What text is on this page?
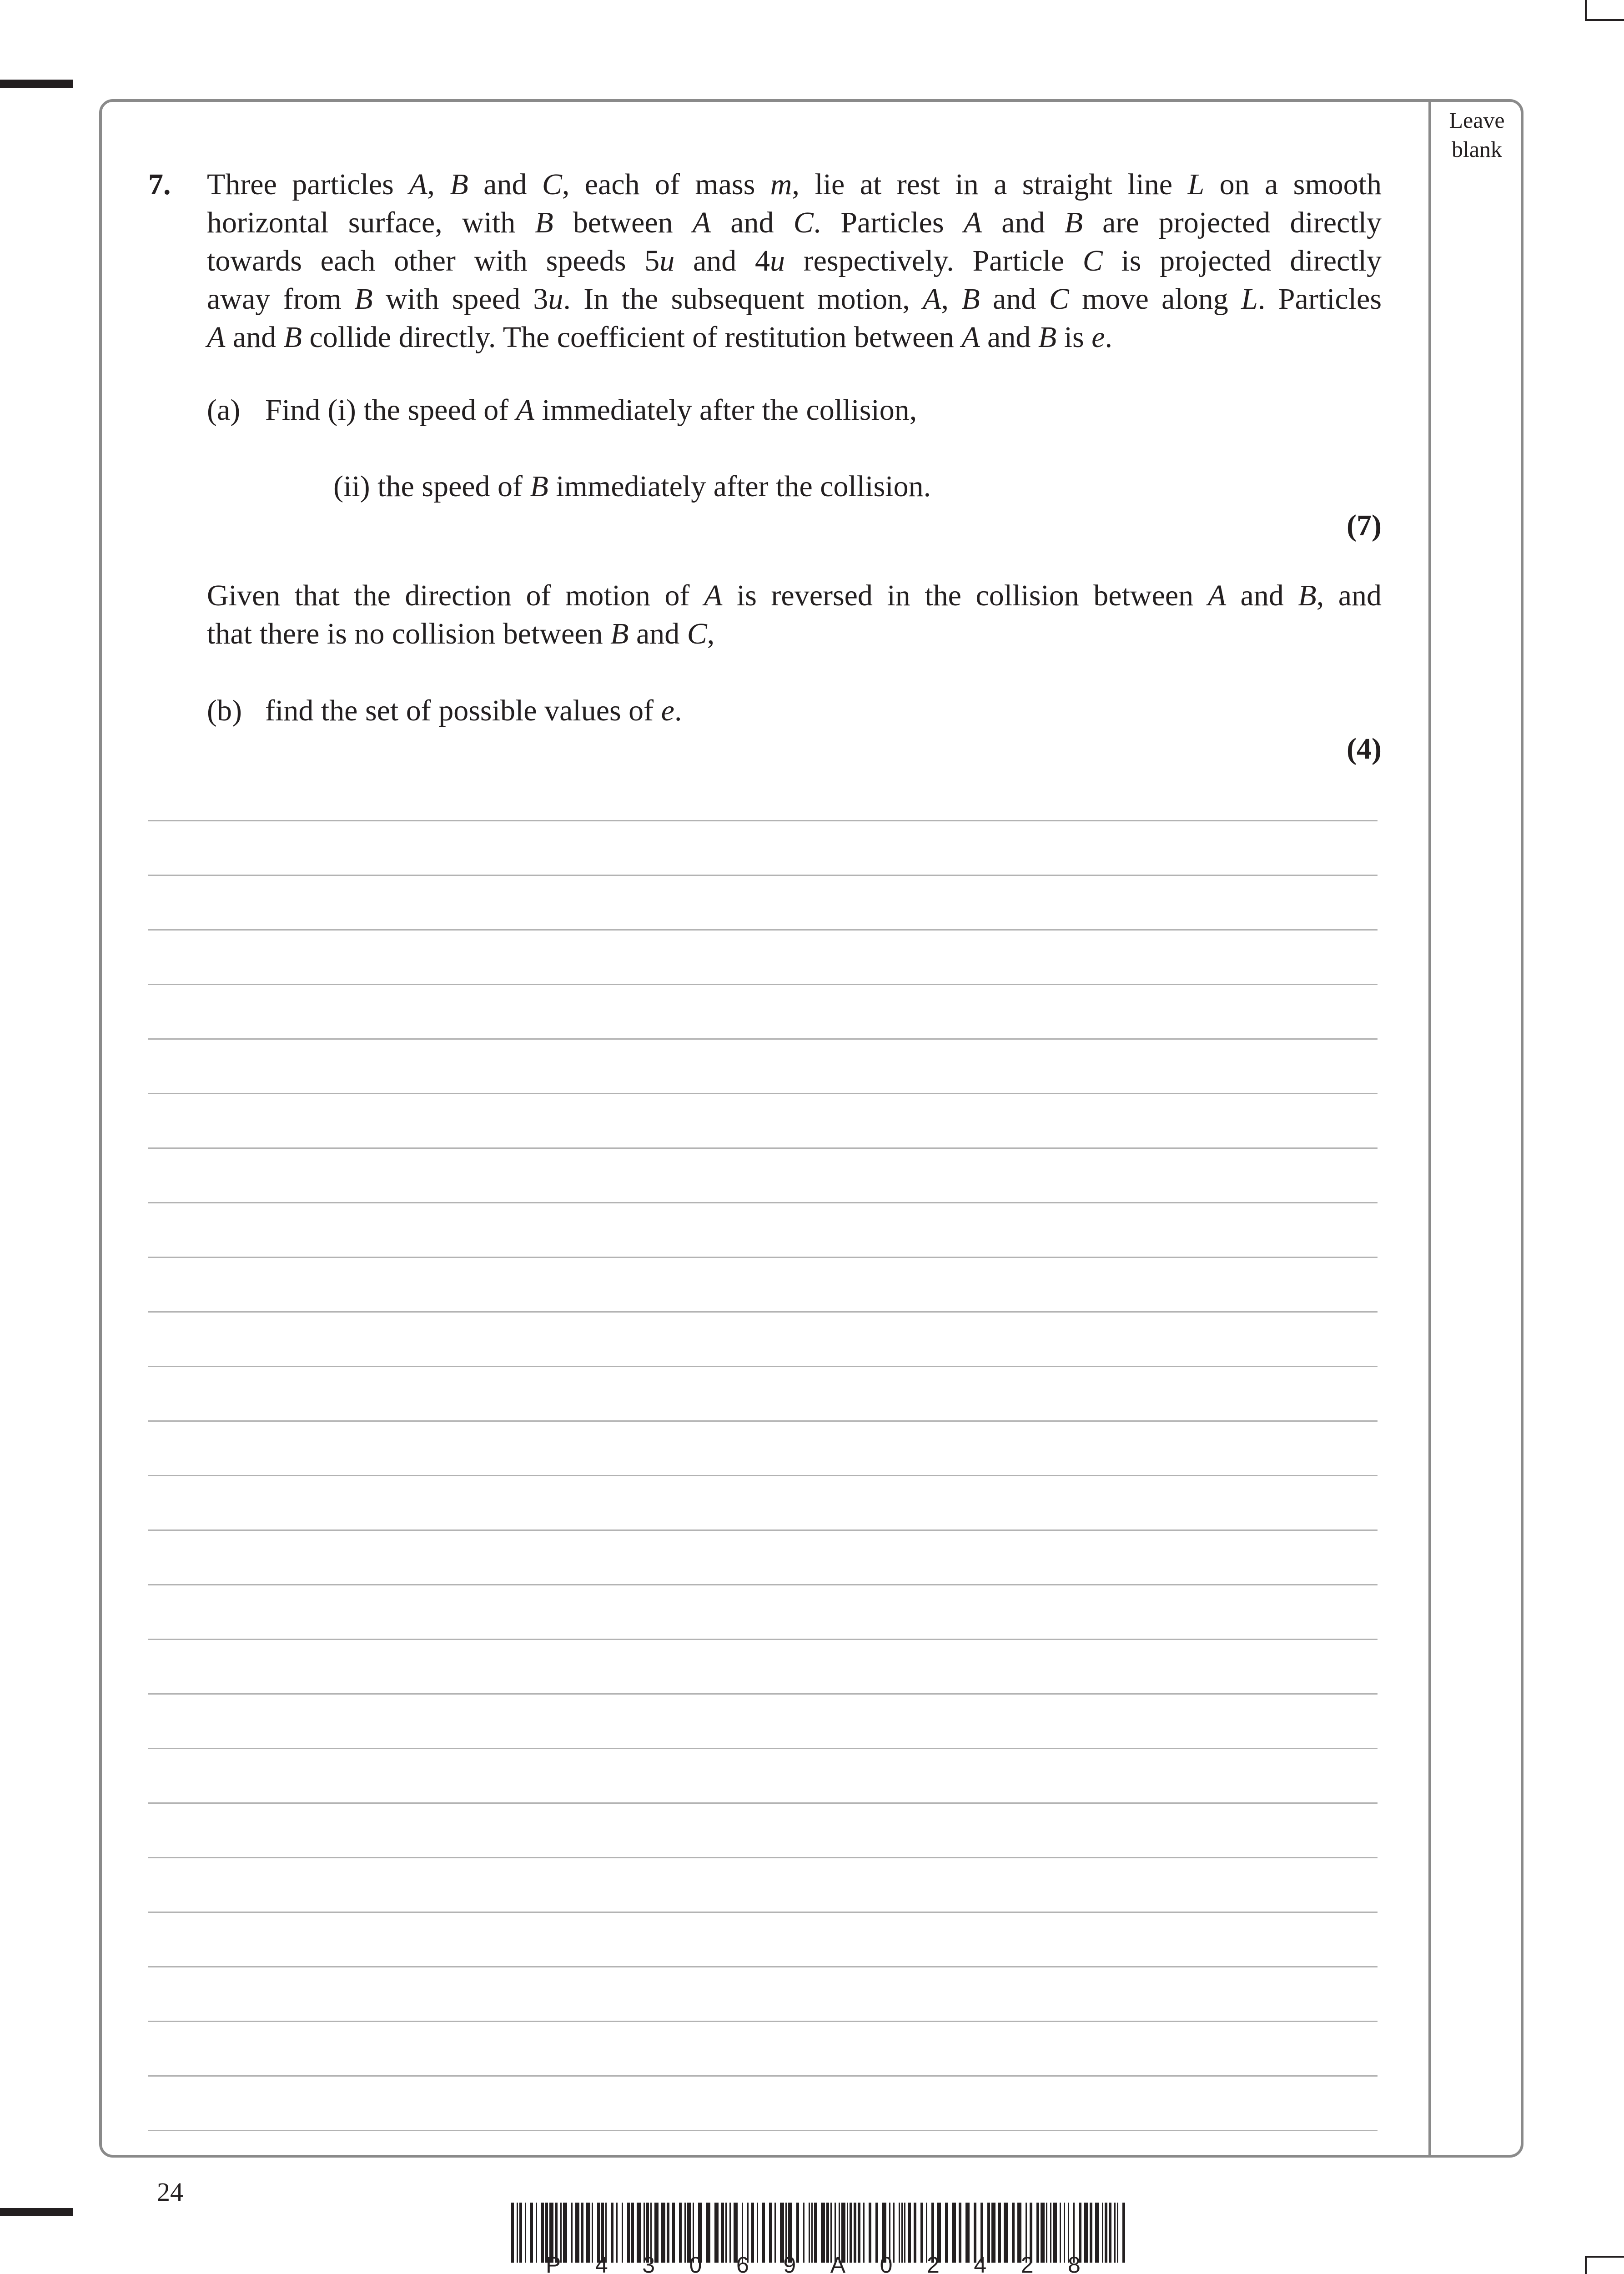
Leave
blank
7. Three particles A, B and C, each of mass m, lie at rest in a straight line L on a smooth
horizontal surface, with B between A and C. Particles A and B are projected directly
towards each other with speeds 5u and 4u respectively. Particle C is projected directly
away from B with speed 3u. In the subsequent motion, A, B and C move along L. Particles
A and B collide directly. The coefficient of restitution between A and B is e.
(a) Find (i) the speed of A immediately after the collision,
(ii) the speed of B immediately after the collision.
(7)
Given that the direction of motion of A is reversed in the collision between A and B, and
that there is no collision between B and C,
(b) find the set of possible values of e.
(4)
24
P 4 3 0 6 9 A 0 2 4 2 8
